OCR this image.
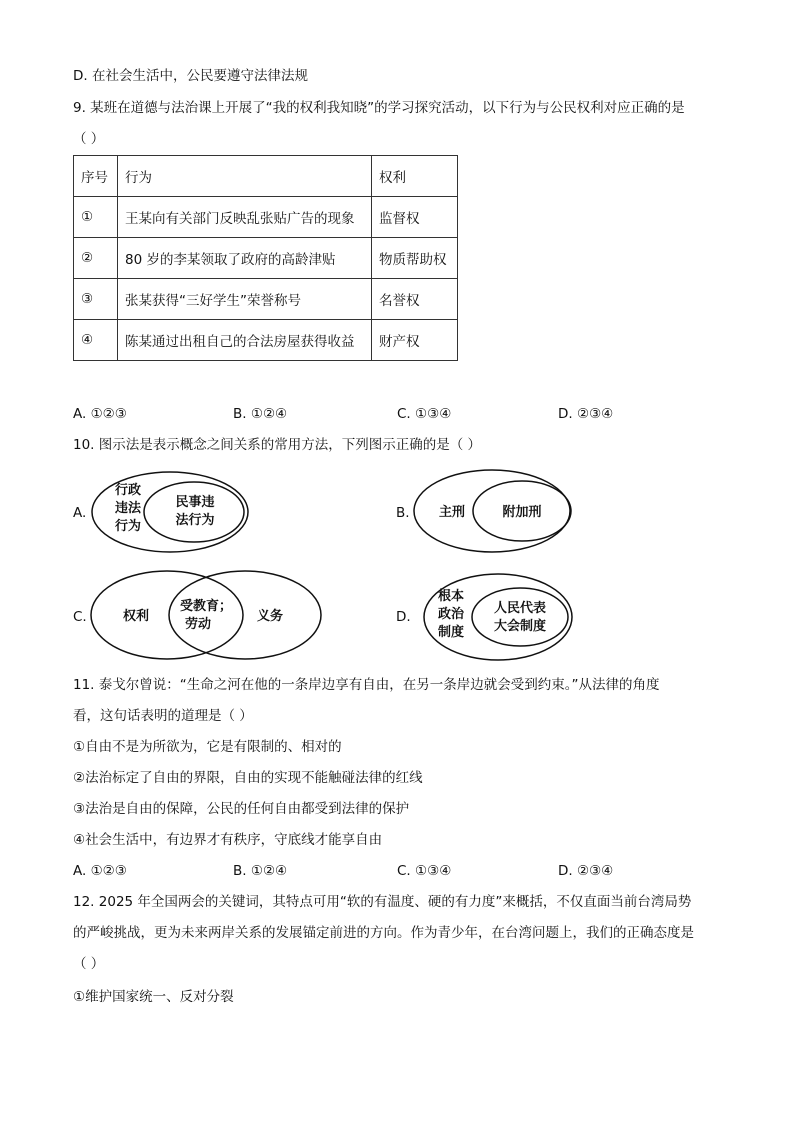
D. 在社会生活中，公民要遵守法律法规
9. 某班在道德与法治课上开展了“我的权利我知晓”的学习探究活动，以下行为与公民权利对应正确的是
（ ）
序号	行为	权利
①	王某向有关部门反映乱张贴广告的现象	监督权
②	80 岁的李某领取了政府的高龄津贴	物质帮助权
③	张某获得“三好学生”荣誉称号	名誉权
④	陈某通过出租自己的合法房屋获得收益	财产权
A. ①②③	B. ①②④	C. ①③④	D. ②③④
10. 图示法是表示概念之间关系的常用方法，下列图示正确的是（ ）
A.
行政
违法
行为
民事违
法行为	B. 主刑	附加刑
C.	权利
受教育；
劳动
义务	D.
根本
政治
制度
人民代表
大会制度
11. 泰戈尔曾说：“生命之河在他的一条岸边享有自由，在另一条岸边就会受到约束。”从法律的角度
看，这句话表明的道理是（ ）
①自由不是为所欲为，它是有限制的、相对的
②法治标定了自由的界限，自由的实现不能触碰法律的红线
③法治是自由的保障，公民的任何自由都受到法律的保护
④社会生活中，有边界才有秩序，守底线才能享自由
A. ①②③	B. ①②④	C. ①③④	D. ②③④
12. 2025 年全国两会的关键词，其特点可用“软的有温度、硬的有力度”来概括，不仅直面当前台湾局势
的严峻挑战，更为未来两岸关系的发展锚定前进的方向。作为青少年，在台湾问题上，我们的正确态度是
（ ）
①维护国家统一、反对分裂
